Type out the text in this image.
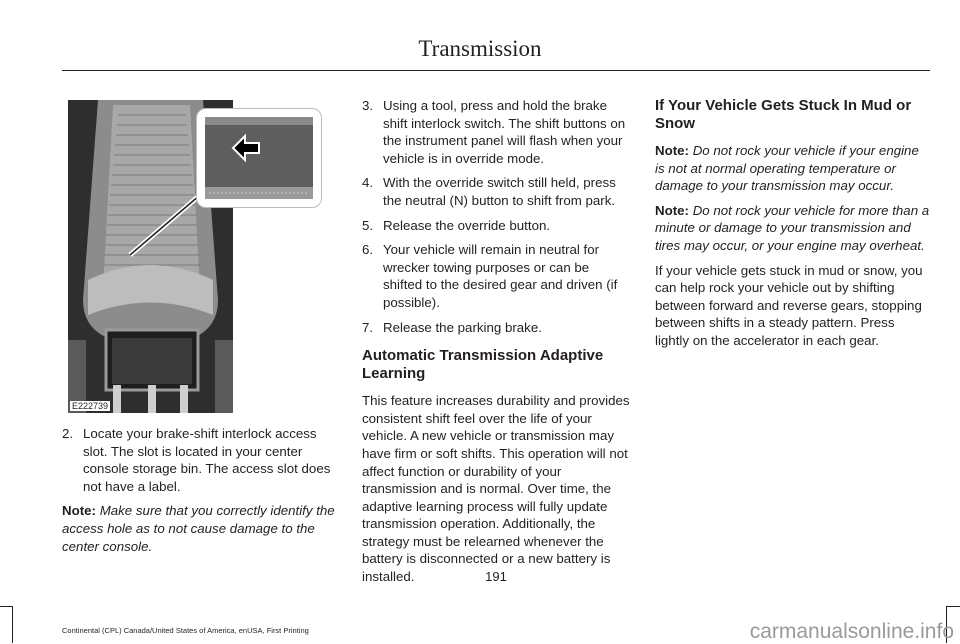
Transmission
E222739
2. Locate your brake-shift interlock access slot. The slot is located in your center console storage bin. The access slot does not have a label.

Note: Make sure that you correctly identify the access hole as to not cause damage to the center console.

3. Using a tool, press and hold the brake shift interlock switch. The shift buttons on the instrument panel will flash when your vehicle is in override mode.
4. With the override switch still held, press the neutral (N) button to shift from park.
5. Release the override button.
6. Your vehicle will remain in neutral for wrecker towing purposes or can be shifted to the desired gear and driven (if possible).
7. Release the parking brake.
Automatic Transmission Adaptive Learning

This feature increases durability and provides consistent shift feel over the life of your vehicle. A new vehicle or transmission may have firm or soft shifts. This operation will not affect function or durability of your transmission and is normal. Over time, the adaptive learning process will fully update transmission operation. Additionally, the strategy must be relearned whenever the battery is disconnected or a new battery is installed.

If Your Vehicle Gets Stuck In Mud or Snow

Note: Do not rock your vehicle if your engine is not at normal operating temperature or damage to your transmission may occur.

Note: Do not rock your vehicle for more than a minute or damage to your transmission and tires may occur, or your engine may overheat.

If your vehicle gets stuck in mud or snow, you can help rock your vehicle out by shifting between forward and reverse gears, stopping between shifts in a steady pattern. Press lightly on the accelerator in each gear.

191
Continental (CPL) Canada/United States of America, enUSA, First Printing	carmanualsonline.info
